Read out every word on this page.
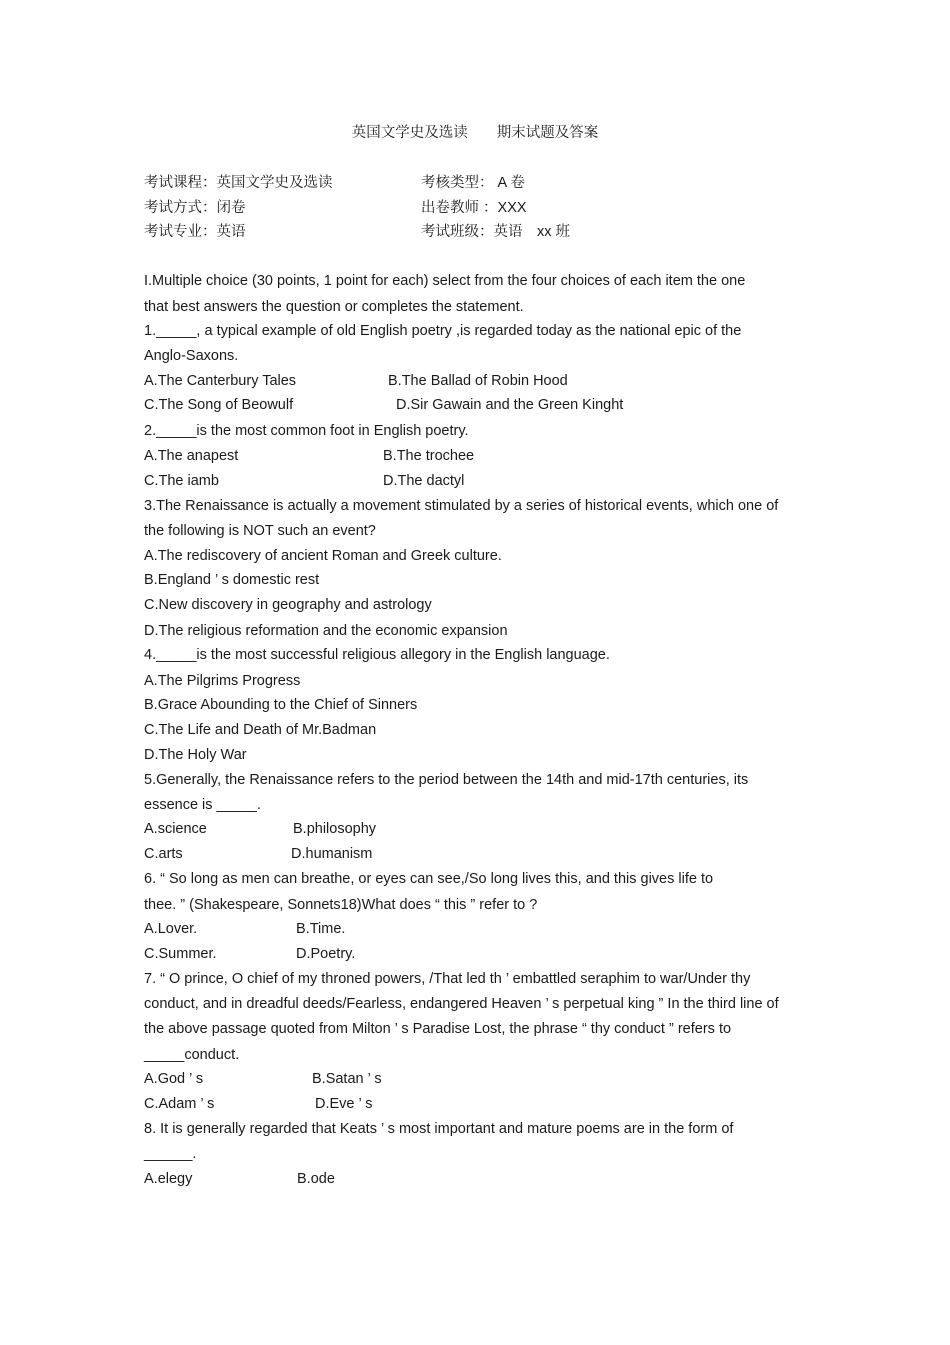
英国文学史及选读　　期末试题及答案
考试课程：英国文学史及选读	考核类型： A 卷
考试方式：闭卷	出卷教师 ：XXX
考试专业：英语	考试班级：英语　xx 班
I.Multiple choice (30 points, 1 point for each) select from the four choices of each item the one
that best answers the question or completes the statement.
1._____, a typical example of old English poetry ,is regarded today as the national epic of the
Anglo-Saxons.
A.The Canterbury Tales	B.The Ballad of Robin Hood
C.The Song of Beowulf	D.Sir Gawain and the Green Kinght
2._____is the most common foot in English poetry.
A.The anapest	B.The trochee
C.The iamb	D.The dactyl
3.The Renaissance is actually a movement stimulated by a series of historical events, which one of
the following is NOT such an event?
A.The rediscovery of ancient Roman and Greek culture.
B.England ’ s domestic rest
C.New discovery in geography and astrology
D.The religious reformation and the economic expansion
4._____is the most successful religious allegory in the English language.
A.The Pilgrims Progress
B.Grace Abounding to the Chief of Sinners
C.The Life and Death of Mr.Badman
D.The Holy War
5.Generally, the Renaissance refers to the period between the 14th and mid-17th centuries, its
essence is _____.
A.science	B.philosophy
C.arts	D.humanism
6. “ So long as men can breathe, or eyes can see,/So long lives this, and this gives life to
thee. ” (Shakespeare, Sonnets18)What does “ this ” refer to ?
A.Lover.	B.Time.
C.Summer.	D.Poetry.
7. “ O prince, O chief of my throned powers, /That led th ’ embattled seraphim to war/Under thy
conduct, and in dreadful deeds/Fearless, endangered Heaven ’ s perpetual king ” In the third line of
the above passage quoted from Milton ’ s Paradise Lost, the phrase “ thy conduct ” refers to
_____conduct.
A.God ’ s	B.Satan ’ s
C.Adam ’ s	D.Eve ’ s
8. It is generally regarded that Keats ’ s most important and mature poems are in the form of
______.
A.elegy	B.ode
